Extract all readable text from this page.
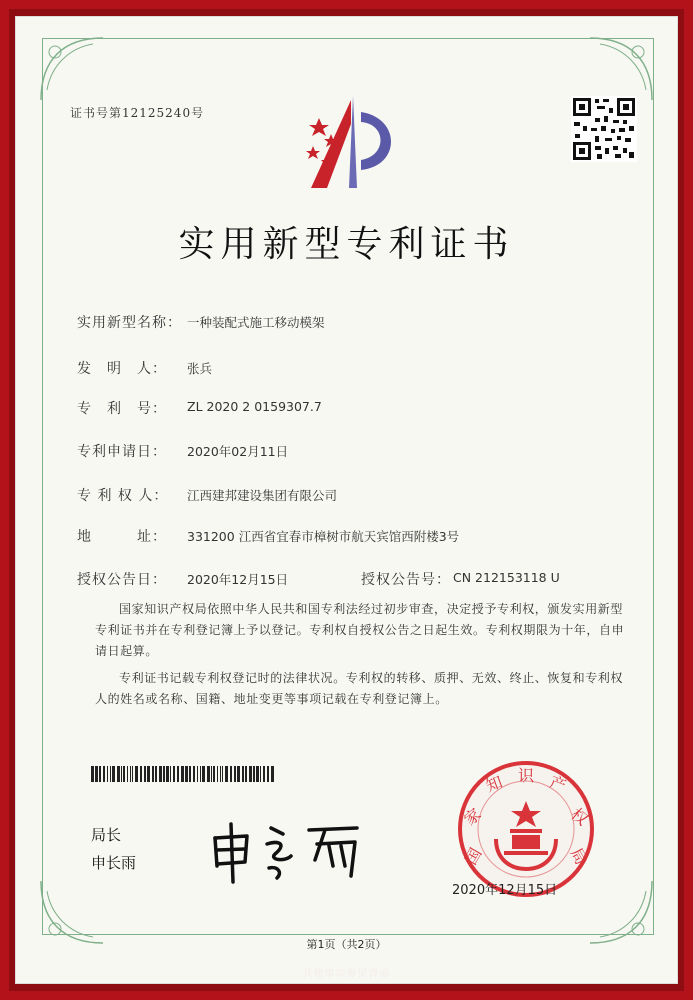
证书号第12125240号
实用新型专利证书
实用新型名称： 一种装配式施工移动模架
发　明　人： 张兵
专　利　号： ZL 2020 2 0159307.7
专利申请日： 2020年02月11日
专 利 权 人： 江西建邦建设集团有限公司
地　　　址： 331200 江西省宜春市樟树市航天宾馆西附楼3号
授权公告日： 2020年12月15日	授权公告号： CN 212153118 U
国家知识产权局依照中华人民共和国专利法经过初步审查，决定授予专利权，颁发实用新型专利证书并在专利登记簿上予以登记。专利权自授权公告之日起生效。专利权期限为十年，自申请日起算。
专利证书记载专利权登记时的法律状况。专利权的转移、质押、无效、终止、恢复和专利权人的姓名或名称、国籍、地址变更等事项记载在专利登记簿上。
局长
申长雨	国
家
知 识 产
权
局
2020年12月15日
第1页（共2页）
其他事项参见背面
